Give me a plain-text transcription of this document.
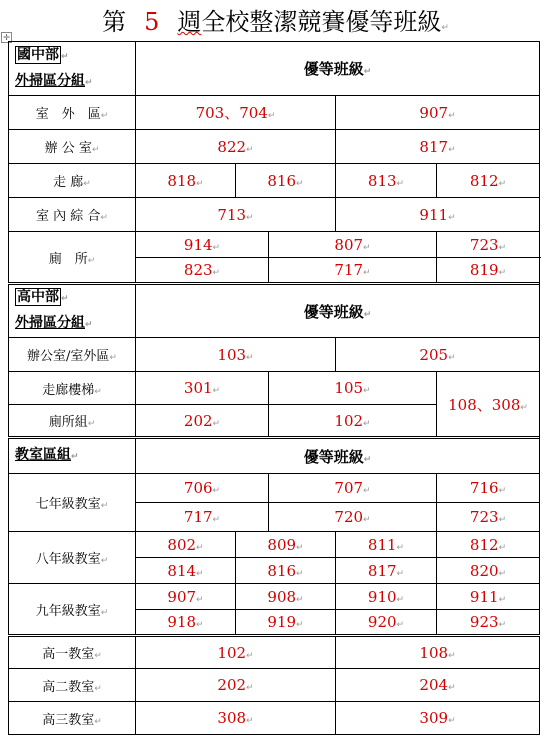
第 5 週全校整潔競賽優等班級↵
✛
國中部 ↵
外掃區分組↵	優等班級↵				
室　外　區↵	703、704↵			907↵	
辦 公 室↵	822↵			817↵	
走 廊↵	818↵	816↵		813↵	812↵
室 內 綜 合↵	713↵			911↵	
廁　所↵	914↵		807↵		723↵
	823↵		717↵		819↵
高中部 ↵
外掃區分組↵	優等班級↵				
辦公室/室外區↵	103↵			205↵	
走廊樓梯↵	301↵		105↵		108、308↵
廁所組↵	202↵		102↵		
教室區組↵	優等班級↵				
七年級教室↵	706↵		707↵		716↵
	717↵		720↵		723↵
八年級教室↵	802↵	809↵		811↵	812↵
	814↵	816↵		817↵	820↵
九年級教室↵	907↵	908↵		910↵	911↵
	918↵	919↵		920↵	923↵
高一教室↵	102↵			108↵	
高二教室↵	202↵			204↵	
高三教室↵	308↵			309↵	
